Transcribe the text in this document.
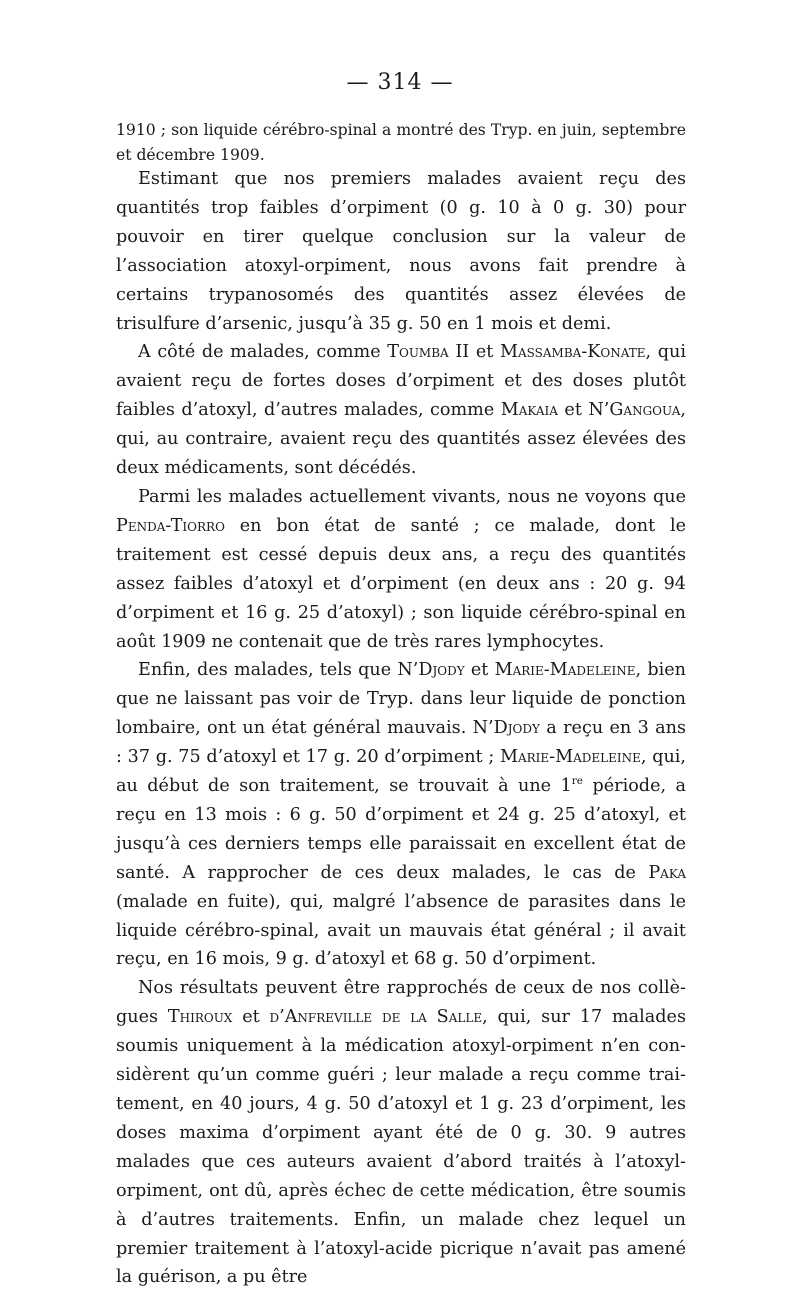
— 314 —
1910 ; son liquide cérébro-spinal a montré des Tryp. en juin, septembre et décembre 1909.

Estimant que nos premiers malades avaient reçu des quantités trop faibles d’orpiment (0 g. 10 à 0 g. 30) pour pouvoir en tirer quelque conclusion sur la valeur de l’association atoxyl-orpiment, nous avons fait prendre à certains trypanosomés des quantités assez élevées de trisulfure d’arsenic, jusqu’à 35 g. 50 en 1 mois et demi.

A côté de malades, comme Toumba II et Massamba-Konate, qui avaient reçu de fortes doses d’orpiment et des doses plutôt faibles d’atoxyl, d’autres malades, comme Makaia et N’Gangoua, qui, au contraire, avaient reçu des quantités assez élevées des deux médicaments, sont décédés.

Parmi les malades actuellement vivants, nous ne voyons que Penda-Tiorro en bon état de santé ; ce malade, dont le traitement est cessé depuis deux ans, a reçu des quantités assez faibles d’atoxyl et d’orpiment (en deux ans : 20 g. 94 d’orpiment et 16 g. 25 d’atoxyl) ; son liquide cérébro-spinal en août 1909 ne contenait que de très rares lymphocytes.

Enfin, des malades, tels que N’Djody et Marie-Madeleine, bien que ne laissant pas voir de Tryp. dans leur liquide de ponction lombaire, ont un état général mauvais. N’Djody a reçu en 3 ans : 37 g. 75 d’atoxyl et 17 g. 20 d’orpiment ; Marie-Madeleine, qui, au début de son traitement, se trouvait à une 1re période, a reçu en 13 mois : 6 g. 50 d’orpiment et 24 g. 25 d’atoxyl, et jusqu’à ces derniers temps elle paraissait en excellent état de santé. A rapprocher de ces deux malades, le cas de Paka (malade en fuite), qui, malgré l’absence de parasites dans le liquide cérébro-spinal, avait un mauvais état général ; il avait reçu, en 16 mois, 9 g. d’atoxyl et 68 g. 50 d’orpiment.

Nos résultats peuvent être rapprochés de ceux de nos collègues Thiroux et d’Anfreville de la Salle, qui, sur 17 malades soumis uniquement à la médication atoxyl-orpiment n’en considèrent qu’un comme guéri ; leur malade a reçu comme traitement, en 40 jours, 4 g. 50 d’atoxyl et 1 g. 23 d’orpiment, les doses maxima d’orpiment ayant été de 0 g. 30. 9 autres malades que ces auteurs avaient d’abord traités à l’atoxyl-orpiment, ont dû, après échec de cette médication, être soumis à d’autres traitements. Enfin, un malade chez lequel un premier traitement à l’atoxyl-acide picrique n’avait pas amené la guérison, a pu être
